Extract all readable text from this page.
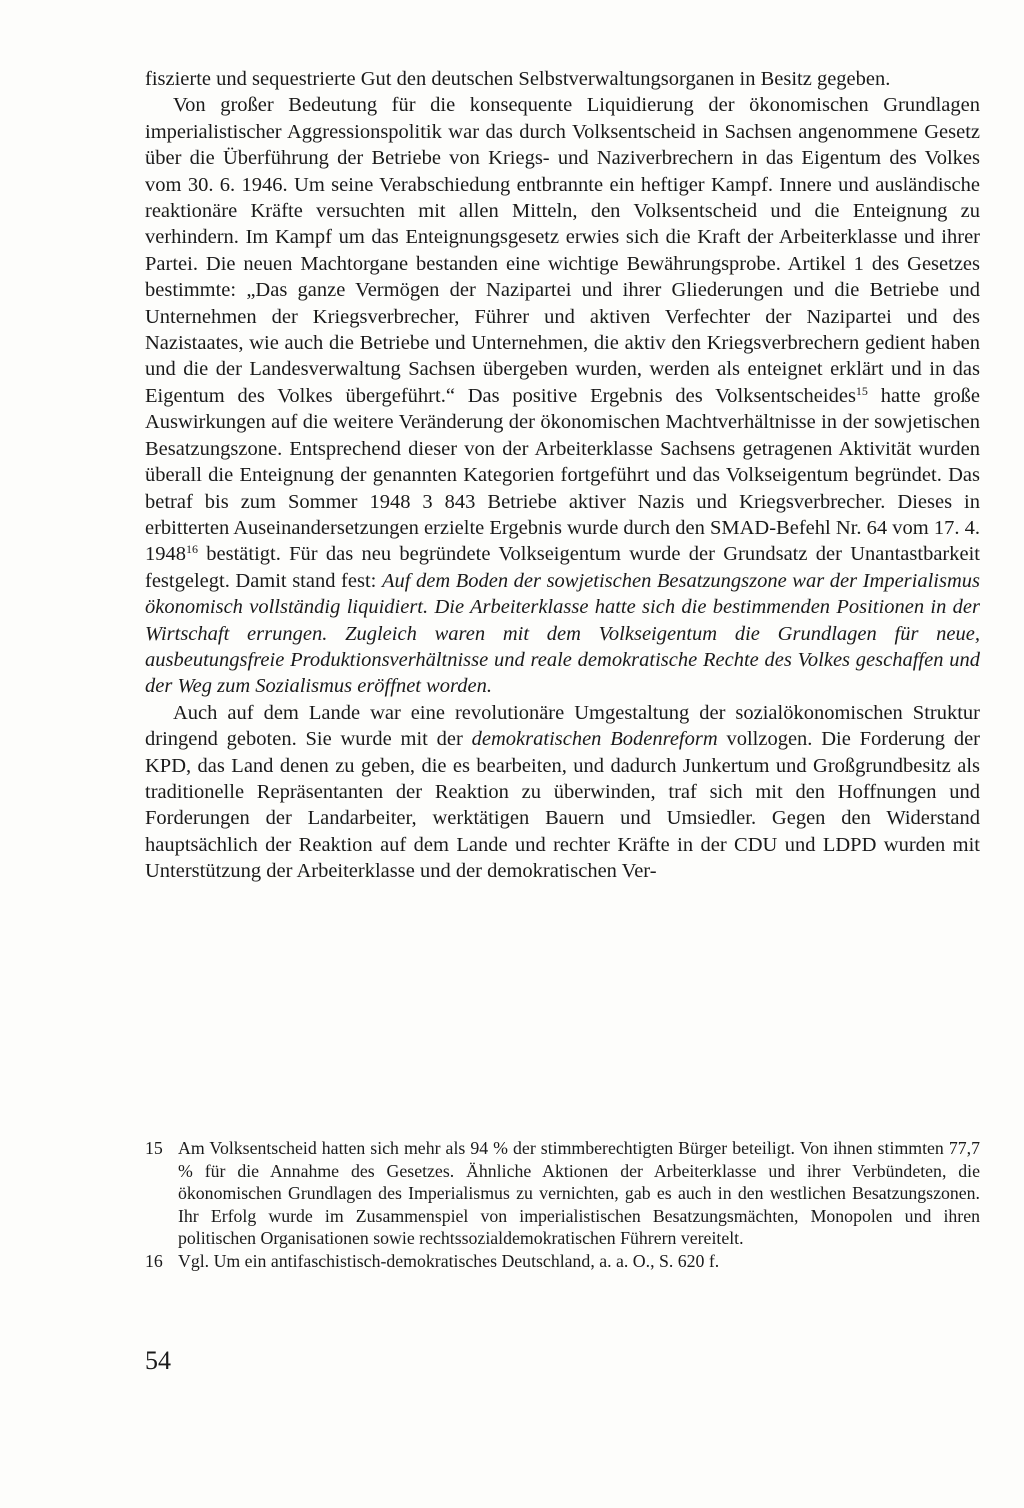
fiszierte und sequestrierte Gut den deutschen Selbstverwaltungsorganen in Besitz gegeben.

Von großer Bedeutung für die konsequente Liquidierung der ökonomischen Grundlagen imperialistischer Aggressionspolitik war das durch Volksentscheid in Sachsen angenommene Gesetz über die Überführung der Betriebe von Kriegs- und Naziverbrechern in das Eigentum des Volkes vom 30. 6. 1946. Um seine Verabschiedung entbrannte ein heftiger Kampf. Innere und ausländische reaktionäre Kräfte versuchten mit allen Mitteln, den Volksentscheid und die Enteignung zu verhindern. Im Kampf um das Enteignungsgesetz erwies sich die Kraft der Arbeiterklasse und ihrer Partei. Die neuen Machtorgane bestanden eine wichtige Bewährungsprobe. Artikel 1 des Gesetzes bestimmte: „Das ganze Vermögen der Nazipartei und ihrer Gliederungen und die Betriebe und Unternehmen der Kriegsverbrecher, Führer und aktiven Verfechter der Nazipartei und des Nazistaates, wie auch die Betriebe und Unternehmen, die aktiv den Kriegsverbrechern gedient haben und die der Landesverwaltung Sachsen übergeben wurden, werden als enteignet erklärt und in das Eigentum des Volkes übergeführt.“ Das positive Ergebnis des Volksentscheides$^{15}$ hatte große Auswirkungen auf die weitere Veränderung der ökonomischen Machtverhältnisse in der sowjetischen Besatzungszone. Entsprechend dieser von der Arbeiterklasse Sachsens getragenen Aktivität wurden überall die Enteignung der genannten Kategorien fortgeführt und das Volkseigentum begründet. Das betraf bis zum Sommer 1948 3 843 Betriebe aktiver Nazis und Kriegsverbrecher. Dieses in erbitterten Auseinandersetzungen erzielte Ergebnis wurde durch den SMAD-Befehl Nr. 64 vom 17. 4. 1948$^{16}$ bestätigt. Für das neu begründete Volkseigentum wurde der Grundsatz der Unantastbarkeit festgelegt. Damit stand fest: Auf dem Boden der sowjetischen Besatzungszone war der Imperialismus ökonomisch vollständig liquidiert. Die Arbeiterklasse hatte sich die bestimmenden Positionen in der Wirtschaft errungen. Zugleich waren mit dem Volkseigentum die Grundlagen für neue, ausbeutungsfreie Produktionsverhältnisse und reale demokratische Rechte des Volkes geschaffen und der Weg zum Sozialismus eröffnet worden.

Auch auf dem Lande war eine revolutionäre Umgestaltung der sozialökonomischen Struktur dringend geboten. Sie wurde mit der demokratischen Bodenreform vollzogen. Die Forderung der KPD, das Land denen zu geben, die es bearbeiten, und dadurch Junkertum und Großgrundbesitz als traditionelle Repräsentanten der Reaktion zu überwinden, traf sich mit den Hoffnungen und Forderungen der Landarbeiter, werktätigen Bauern und Umsiedler. Gegen den Widerstand hauptsächlich der Reaktion auf dem Lande und rechter Kräfte in der CDU und LDPD wurden mit Unterstützung der Arbeiterklasse und der demokratischen Ver-

15 Am Volksentscheid hatten sich mehr als 94 % der stimmberechtigten Bürger beteiligt. Von ihnen stimmten 77,7 % für die Annahme des Gesetzes. Ähnliche Aktionen der Arbeiterklasse und ihrer Verbündeten, die ökonomischen Grundlagen des Imperialismus zu vernichten, gab es auch in den westlichen Besatzungszonen. Ihr Erfolg wurde im Zusammenspiel von imperialistischen Besatzungsmächten, Monopolen und ihren politischen Organisationen sowie rechtssozialdemokratischen Führern vereitelt.
16 Vgl. Um ein antifaschistisch-demokratisches Deutschland, a. a. O., S. 620 f.
54
